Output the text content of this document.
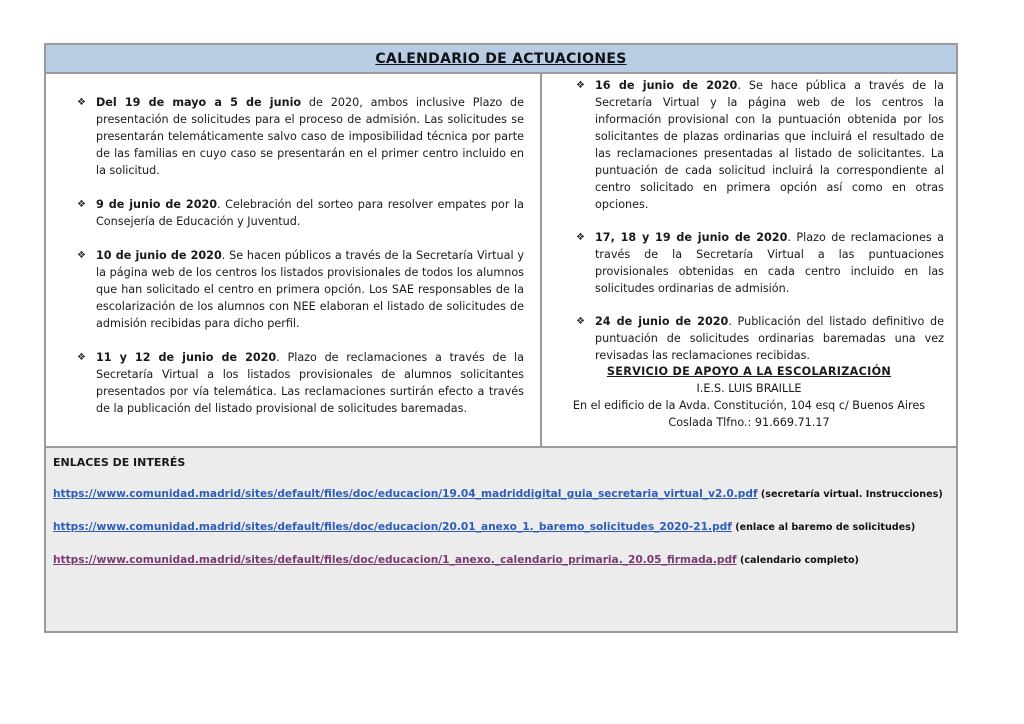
CALENDARIO DE ACTUACIONES
❖ Del 19 de mayo a 5 de junio de 2020, ambos inclusive Plazo de presentación de solicitudes para el proceso de admisión. Las solicitudes se presentarán telemáticamente salvo caso de imposibilidad técnica por parte de las familias en cuyo caso se presentarán en el primer centro incluido en la solicitud.
❖ 9 de junio de 2020. Celebración del sorteo para resolver empates por la Consejería de Educación y Juventud.
❖ 10 de junio de 2020. Se hacen públicos a través de la Secretaría Virtual y la página web de los centros los listados provisionales de todos los alumnos que han solicitado el centro en primera opción. Los SAE responsables de la escolarización de los alumnos con NEE elaboran el listado de solicitudes de admisión recibidas para dicho perfil.
❖ 11 y 12 de junio de 2020. Plazo de reclamaciones a través de la Secretaría Virtual a los listados provisionales de alumnos solicitantes presentados por vía telemática. Las reclamaciones surtirán efecto a través de la publicación del listado provisional de solicitudes baremadas.
❖ 16 de junio de 2020. Se hace pública a través de la Secretaría Virtual y la página web de los centros la información provisional con la puntuación obtenida por los solicitantes de plazas ordinarias que incluirá el resultado de las reclamaciones presentadas al listado de solicitantes. La puntuación de cada solicitud incluirá la correspondiente al centro solicitado en primera opción así como en otras opciones.
❖ 17, 18 y 19 de junio de 2020. Plazo de reclamaciones a través de la Secretaría Virtual a las puntuaciones provisionales obtenidas en cada centro incluido en las solicitudes ordinarias de admisión.
❖ 24 de junio de 2020. Publicación del listado definitivo de puntuación de solicitudes ordinarias baremadas una vez revisadas las reclamaciones recibidas.
SERVICIO DE APOYO A LA ESCOLARIZACIÓN
I.E.S. LUIS BRAILLE
En el edificio de la Avda. Constitución, 104 esq c/ Buenos Aires
Coslada Tlfno.: 91.669.71.17
ENLACES DE INTERÉS
https://www.comunidad.madrid/sites/default/files/doc/educacion/19.04_madriddigital_guia_secretaria_virtual_v2.0.pdf (secretaría virtual. Instrucciones)
https://www.comunidad.madrid/sites/default/files/doc/educacion/20.01_anexo_1._baremo_solicitudes_2020-21.pdf (enlace al baremo de solicitudes)
https://www.comunidad.madrid/sites/default/files/doc/educacion/1_anexo._calendario_primaria._20.05_firmada.pdf (calendario completo)
